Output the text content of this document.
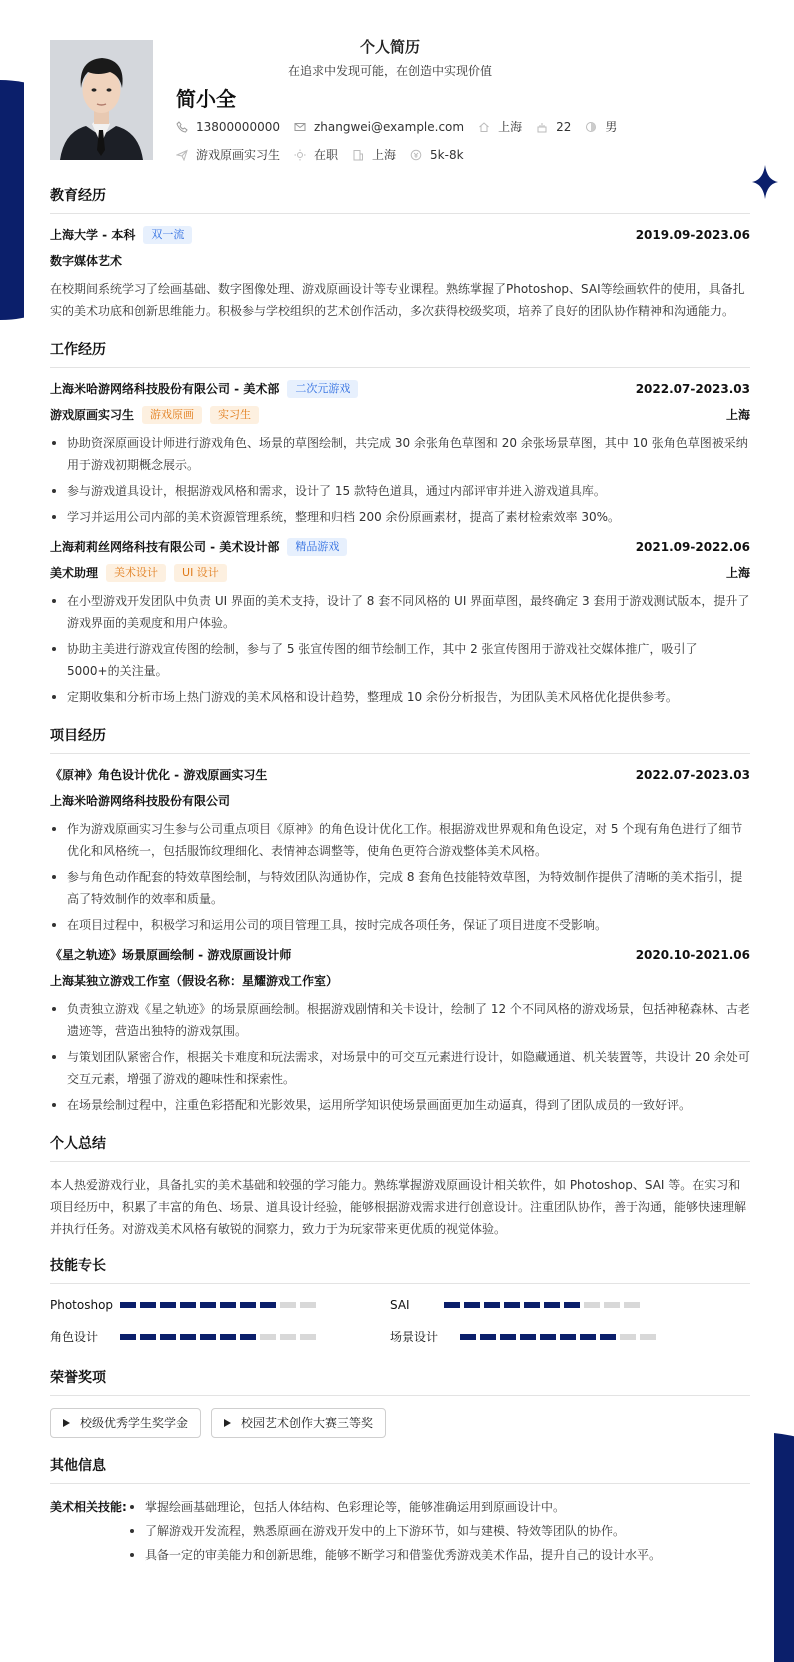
个人简历
在追求中发现可能，在创造中实现价值
简小全
13800000000	zhangwei@example.com	上海	22	男
游戏原画实习生	在职	上海	5k-8k
教育经历
上海大学 - 本科	双一流	2019.09-2023.06
数字媒体艺术
在校期间系统学习了绘画基础、数字图像处理、游戏原画设计等专业课程。熟练掌握了Photoshop、SAI等绘画软件的使用，具备扎实的美术功底和创新思维能力。积极参与学校组织的艺术创作活动，多次获得校级奖项，培养了良好的团队协作精神和沟通能力。
工作经历
上海米哈游网络科技股份有限公司 - 美术部	二次元游戏	2022.07-2023.03
游戏原画实习生	游戏原画	实习生	上海
协助资深原画设计师进行游戏角色、场景的草图绘制，共完成 30 余张角色草图和 20 余张场景草图，其中 10 张角色草图被采纳用于游戏初期概念展示。
参与游戏道具设计，根据游戏风格和需求，设计了 15 款特色道具，通过内部评审并进入游戏道具库。
学习并运用公司内部的美术资源管理系统，整理和归档 200 余份原画素材，提高了素材检索效率 30%。
上海莉莉丝网络科技有限公司 - 美术设计部	精品游戏	2021.09-2022.06
美术助理	美术设计	UI 设计	上海
在小型游戏开发团队中负责 UI 界面的美术支持，设计了 8 套不同风格的 UI 界面草图，最终确定 3 套用于游戏测试版本，提升了游戏界面的美观度和用户体验。
协助主美进行游戏宣传图的绘制，参与了 5 张宣传图的细节绘制工作，其中 2 张宣传图用于游戏社交媒体推广，吸引了 5000+的关注量。
定期收集和分析市场上热门游戏的美术风格和设计趋势，整理成 10 余份分析报告，为团队美术风格优化提供参考。
项目经历
《原神》角色设计优化 - 游戏原画实习生	2022.07-2023.03
上海米哈游网络科技股份有限公司
作为游戏原画实习生参与公司重点项目《原神》的角色设计优化工作。根据游戏世界观和角色设定，对 5 个现有角色进行了细节优化和风格统一，包括服饰纹理细化、表情神态调整等，使角色更符合游戏整体美术风格。
参与角色动作配套的特效草图绘制，与特效团队沟通协作，完成 8 套角色技能特效草图，为特效制作提供了清晰的美术指引，提高了特效制作的效率和质量。
在项目过程中，积极学习和运用公司的项目管理工具，按时完成各项任务，保证了项目进度不受影响。
《星之轨迹》场景原画绘制 - 游戏原画设计师	2020.10-2021.06
上海某独立游戏工作室（假设名称：星耀游戏工作室）
负责独立游戏《星之轨迹》的场景原画绘制。根据游戏剧情和关卡设计，绘制了 12 个不同风格的游戏场景，包括神秘森林、古老遗迹等，营造出独特的游戏氛围。
与策划团队紧密合作，根据关卡难度和玩法需求，对场景中的可交互元素进行设计，如隐藏通道、机关装置等，共设计 20 余处可交互元素，增强了游戏的趣味性和探索性。
在场景绘制过程中，注重色彩搭配和光影效果，运用所学知识使场景画面更加生动逼真，得到了团队成员的一致好评。
个人总结
本人热爱游戏行业，具备扎实的美术基础和较强的学习能力。熟练掌握游戏原画设计相关软件，如 Photoshop、SAI 等。在实习和项目经历中，积累了丰富的角色、场景、道具设计经验，能够根据游戏需求进行创意设计。注重团队协作，善于沟通，能够快速理解并执行任务。对游戏美术风格有敏锐的洞察力，致力于为玩家带来更优质的视觉体验。
技能专长
Photoshop	SAI
角色设计	场景设计
荣誉奖项
校级优秀学生奖学金	校园艺术创作大赛三等奖
其他信息
美术相关技能:	掌握绘画基础理论，包括人体结构、色彩理论等，能够准确运用到原画设计中。
了解游戏开发流程，熟悉原画在游戏开发中的上下游环节，如与建模、特效等团队的协作。
具备一定的审美能力和创新思维，能够不断学习和借鉴优秀游戏美术作品，提升自己的设计水平。
